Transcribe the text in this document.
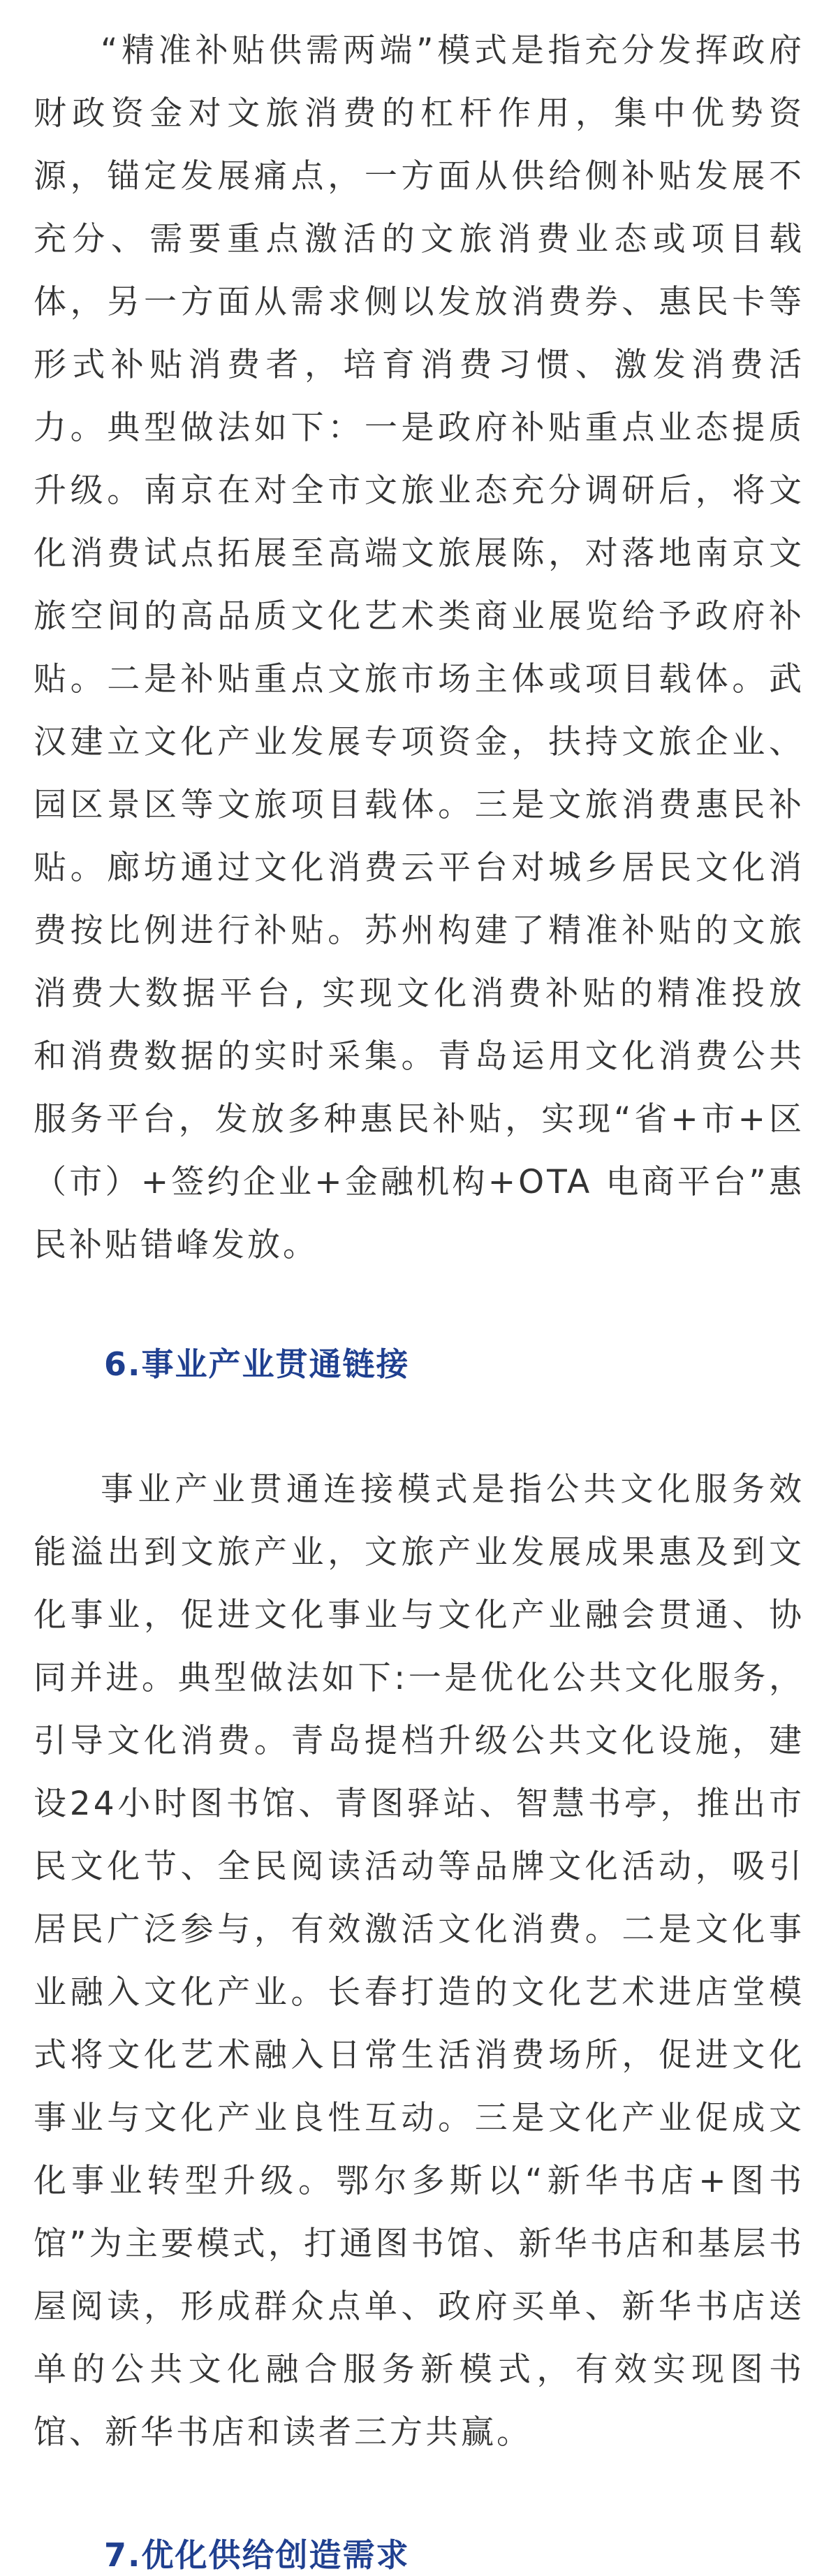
“精准补贴供需两端”模式是指充分发挥政府财政资金对文旅消费的杠杆作用，集中优势资源，锚定发展痛点，一方面从供给侧补贴发展不充分、需要重点激活的文旅消费业态或项目载体，另一方面从需求侧以发放消费券、惠民卡等形式补贴消费者，培育消费习惯、激发消费活力。典型做法如下：一是政府补贴重点业态提质升级。南京在对全市文旅业态充分调研后，将文化消费试点拓展至高端文旅展陈，对落地南京文旅空间的高品质文化艺术类商业展览给予政府补贴。二是补贴重点文旅市场主体或项目载体。武汉建立文化产业发展专项资金，扶持文旅企业、园区景区等文旅项目载体。三是文旅消费惠民补贴。廊坊通过文化消费云平台对城乡居民文化消费按比例进行补贴。苏州构建了精准补贴的文旅消费大数据平台, 实现文化消费补贴的精准投放和消费数据的实时采集。青岛运用文化消费公共服务平台，发放多种惠民补贴，实现“省+市+区（市）+签约企业+金融机构+OTA 电商平台”惠民补贴错峰发放。

6.事业产业贯通链接

事业产业贯通连接模式是指公共文化服务效能溢出到文旅产业，文旅产业发展成果惠及到文化事业，促进文化事业与文化产业融会贯通、协同并进。典型做法如下:一是优化公共文化服务，引导文化消费。青岛提档升级公共文化设施，建设24小时图书馆、青图驿站、智慧书亭，推出市民文化节、全民阅读活动等品牌文化活动，吸引居民广泛参与，有效激活文化消费。二是文化事业融入文化产业。长春打造的文化艺术进店堂模式将文化艺术融入日常生活消费场所，促进文化事业与文化产业良性互动。三是文化产业促成文化事业转型升级。鄂尔多斯以“新华书店+图书馆”为主要模式，打通图书馆、新华书店和基层书屋阅读，形成群众点单、政府买单、新华书店送单的公共文化融合服务新模式，有效实现图书馆、新华书店和读者三方共赢。

7.优化供给创造需求
